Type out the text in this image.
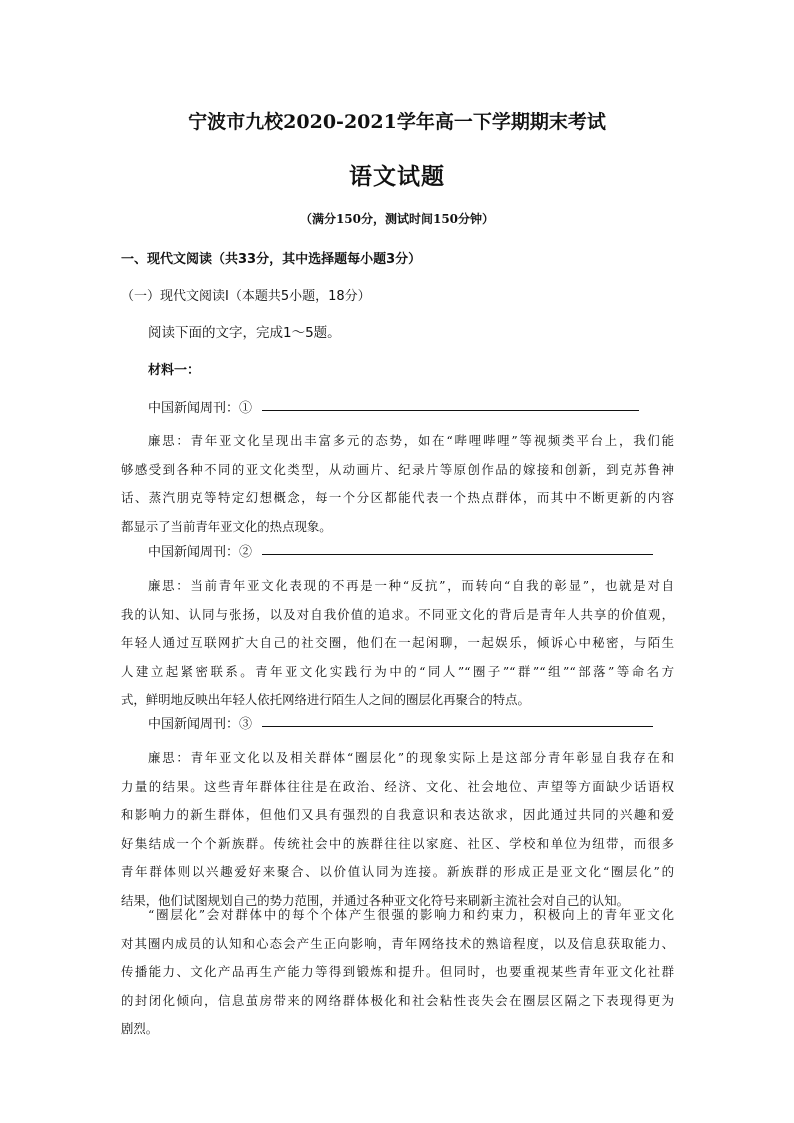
宁波市九校2020-2021学年高一下学期期末考试
语文试题
（满分150分，测试时间150分钟）
一、现代文阅读（共33分，其中选择题每小题3分）
（一）现代文阅读Ⅰ（本题共5小题，18分）
阅读下面的文字，完成1～5题。
材料一：
中国新闻周刊：①
廉思：青年亚文化呈现出丰富多元的态势，如在“哔哩哔哩”等视频类平台上，我们能
够感受到各种不同的亚文化类型，从动画片、纪录片等原创作品的嫁接和创新，到克苏鲁神
话、蒸汽朋克等特定幻想概念，每一个分区都能代表一个热点群体，而其中不断更新的内容
都显示了当前青年亚文化的热点现象。
中国新闻周刊：②
廉思：当前青年亚文化表现的不再是一种“反抗”，而转向“自我的彰显”，也就是对自
我的认知、认同与张扬，以及对自我价值的追求。不同亚文化的背后是青年人共享的价值观，
年轻人通过互联网扩大自己的社交圈，他们在一起闲聊，一起娱乐，倾诉心中秘密，与陌生
人建立起紧密联系。青年亚文化实践行为中的“同人”“圈子”“群”“组”“部落”等命名方
式，鲜明地反映出年轻人依托网络进行陌生人之间的圈层化再聚合的特点。
中国新闻周刊：③
廉思：青年亚文化以及相关群体“圈层化”的现象实际上是这部分青年彰显自我存在和
力量的结果。这些青年群体往往是在政治、经济、文化、社会地位、声望等方面缺少话语权
和影响力的新生群体，但他们又具有强烈的自我意识和表达欲求，因此通过共同的兴趣和爱
好集结成一个个新族群。传统社会中的族群往往以家庭、社区、学校和单位为纽带，而很多
青年群体则以兴趣爱好来聚合、以价值认同为连接。新族群的形成正是亚文化“圈层化”的
结果，他们试图规划自己的势力范围，并通过各种亚文化符号来刷新主流社会对自己的认知。
“圈层化”会对群体中的每个个体产生很强的影响力和约束力，积极向上的青年亚文化
对其圈内成员的认知和心态会产生正向影响，青年网络技术的熟谙程度，以及信息获取能力、
传播能力、文化产品再生产能力等得到锻炼和提升。但同时，也要重视某些青年亚文化社群
的封闭化倾向，信息茧房带来的网络群体极化和社会粘性丧失会在圈层区隔之下表现得更为
剧烈。
